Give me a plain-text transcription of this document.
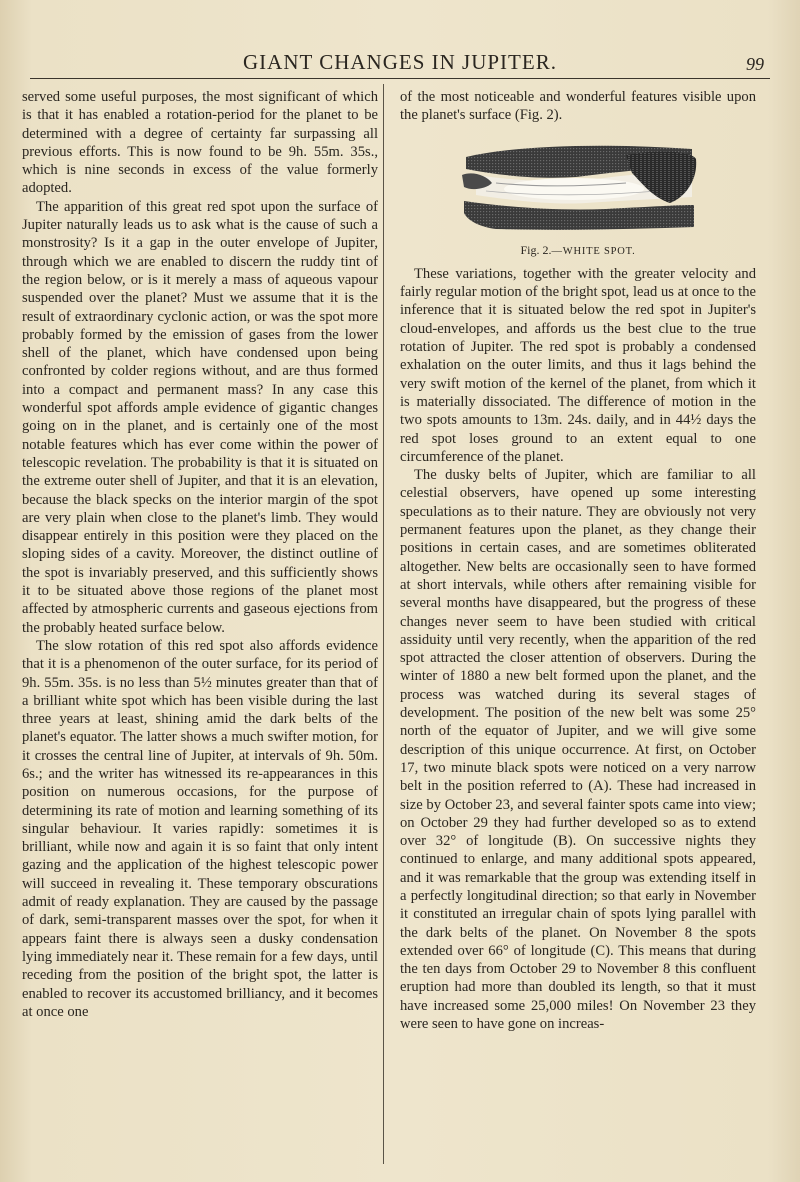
GIANT CHANGES IN JUPITER.	99

served some useful purposes, the most significant of which is that it has enabled a rotation-period for the planet to be determined with a degree of certainty far surpassing all previous efforts. This is now found to be 9h. 55m. 35s., which is nine seconds in excess of the value formerly adopted.

The apparition of this great red spot upon the surface of Jupiter naturally leads us to ask what is the cause of such a monstrosity? Is it a gap in the outer envelope of Jupiter, through which we are enabled to discern the ruddy tint of the region below, or is it merely a mass of aqueous vapour suspended over the planet? Must we assume that it is the result of extraordinary cyclonic action, or was the spot more probably formed by the emission of gases from the lower shell of the planet, which have condensed upon being confronted by colder regions without, and are thus formed into a compact and permanent mass? In any case this wonderful spot affords ample evidence of gigantic changes going on in the planet, and is certainly one of the most notable features which has ever come within the power of telescopic revelation. The probability is that it is situated on the extreme outer shell of Jupiter, and that it is an elevation, because the black specks on the interior margin of the spot are very plain when close to the planet's limb. They would disappear entirely in this position were they placed on the sloping sides of a cavity. Moreover, the distinct outline of the spot is invariably preserved, and this sufficiently shows it to be situated above those regions of the planet most affected by atmospheric currents and gaseous ejections from the probably heated surface below.

The slow rotation of this red spot also affords evidence that it is a phenomenon of the outer surface, for its period of 9h. 55m. 35s. is no less than 5½ minutes greater than that of a brilliant white spot which has been visible during the last three years at least, shining amid the dark belts of the planet's equator. The latter shows a much swifter motion, for it crosses the central line of Jupiter, at intervals of 9h. 50m. 6s.; and the writer has witnessed its re-appearances in this position on numerous occasions, for the purpose of determining its rate of motion and learning something of its singular behaviour. It varies rapidly: sometimes it is brilliant, while now and again it is so faint that only intent gazing and the application of the highest telescopic power will succeed in revealing it. These temporary obscurations admit of ready explanation. They are caused by the passage of dark, semi-transparent masses over the spot, for when it appears faint there is always seen a dusky condensation lying immediately near it. These remain for a few days, until receding from the position of the bright spot, the latter is enabled to recover its accustomed brilliancy, and it becomes at once one

of the most noticeable and wonderful features visible upon the planet's surface (Fig. 2).

Fig. 2.—WHITE SPOT.

These variations, together with the greater velocity and fairly regular motion of the bright spot, lead us at once to the inference that it is situated below the red spot in Jupiter's cloud-envelopes, and affords us the best clue to the true rotation of Jupiter. The red spot is probably a condensed exhalation on the outer limits, and thus it lags behind the very swift motion of the kernel of the planet, from which it is materially dissociated. The difference of motion in the two spots amounts to 13m. 24s. daily, and in 44½ days the red spot loses ground to an extent equal to one circumference of the planet.

The dusky belts of Jupiter, which are familiar to all celestial observers, have opened up some interesting speculations as to their nature. They are obviously not very permanent features upon the planet, as they change their positions in certain cases, and are sometimes obliterated altogether. New belts are occasionally seen to have formed at short intervals, while others after remaining visible for several months have disappeared, but the progress of these changes never seem to have been studied with critical assiduity until very recently, when the apparition of the red spot attracted the closer attention of observers. During the winter of 1880 a new belt formed upon the planet, and the process was watched during its several stages of development. The position of the new belt was some 25° north of the equator of Jupiter, and we will give some description of this unique occurrence. At first, on October 17, two minute black spots were noticed on a very narrow belt in the position referred to (A). These had increased in size by October 23, and several fainter spots came into view; on October 29 they had further developed so as to extend over 32° of longitude (B). On successive nights they continued to enlarge, and many additional spots appeared, and it was remarkable that the group was extending itself in a perfectly longitudinal direction; so that early in November it constituted an irregular chain of spots lying parallel with the dark belts of the planet. On November 8 the spots extended over 66° of longitude (C). This means that during the ten days from October 29 to November 8 this confluent eruption had more than doubled its length, so that it must have increased some 25,000 miles! On November 23 they were seen to have gone on increas-
